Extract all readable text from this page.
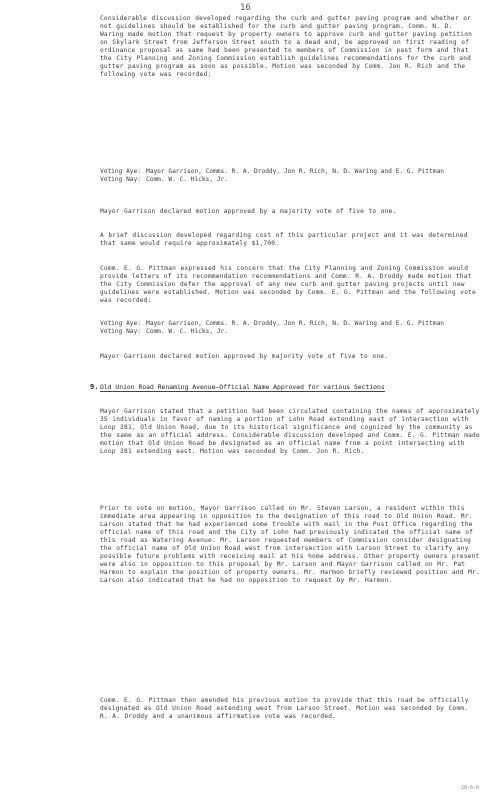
16
Considerable discussion developed regarding the curb and gutter paving program and whether or not guidelines should be established for the curb and gutter paving program. Comm. N. D. Waring made motion that request by property owners to approve curb and gutter paving petition on Skylark Street from Jefferson Street south to a dead end, be approved on first reading of ordinance proposal as same had been presented to members of Commission in past form and that the City Planning and Zoning Commission establish guidelines recommendations for the curb and gutter paving program as soon as possible. Motion was seconded by Comm. Jon R. Rich and the following vote was recorded:
Voting Aye: Mayor Garrison, Comms. R. A. Droddy, Jon R. Rich, N. D. Waring and E. G. Pittman
Voting Nay: Comm. W. C. Hicks, Jr.
Mayor Garrison declared motion approved by a majority vote of five to one.
A brief discussion developed regarding cost of this particular project and it was determined that same would require approximately $1,700.
Comm. E. G. Pittman expressed his concern that the City Planning and Zoning Commission would provide letters of its recommendation recommendations and Comm. R. A. Droddy made motion that the City Commission defer the approval of any new curb and gutter paving projects until new guidelines were established. Motion was seconded by Comm. E. G. Pittman and the following vote was recorded:
Voting Aye: Mayor Garrison, Comms. R. A. Droddy, Jon R. Rich, N. D. Waring and E. G. Pittman
Voting Nay: Comm. W. C. Hicks, Jr.
Mayor Garrison declared motion approved by majority vote of five to one.
9. Old Union Road Renaming Avenue—Official Name Approved for various Sections
Mayor Garrison stated that a petition had been circulated containing the names of approximately 35 individuals in favor of naming a portion of Lohn Road extending east of intersection with Loop 281, Old Union Road, due to its historical significance and cognized by the community as the same as an official address. Considerable discussion developed and Comm. E. G. Pittman made motion that Old Union Road be designated as an official name from a point intersecting with Loop 281 extending east. Motion was seconded by Comm. Jon R. Rich.
Prior to vote on motion, Mayor Garrison called on Mr. Steven Larson, a resident within this immediate area appearing in opposition to the designation of this road to Old Union Road. Mr. Larson stated that he had experienced some trouble with mail in the Post Office regarding the official name of this road and the City of Lohn had previously indicated the official name of this road as Watering Avenue. Mr. Larson requested members of Commission consider designating the official name of Old Union Road west from intersection with Larson Street to clarify any possible future problems with receiving mail at his home address. Other property owners present were also in opposition to this proposal by Mr. Larson and Mayor Garrison called on Mr. Pat Harmon to explain the position of property owners. Mr. Harmon briefly reviewed position and Mr. Larson also indicated that he had no opposition to request by Mr. Harmon.
Comm. E. G. Pittman then amended his previous motion to provide that this road be officially designated as Old Union Road extending west from Larson Street. Motion was seconded by Comm. R. A. Droddy and a unanimous affirmative vote was recorded.
20-6-0
